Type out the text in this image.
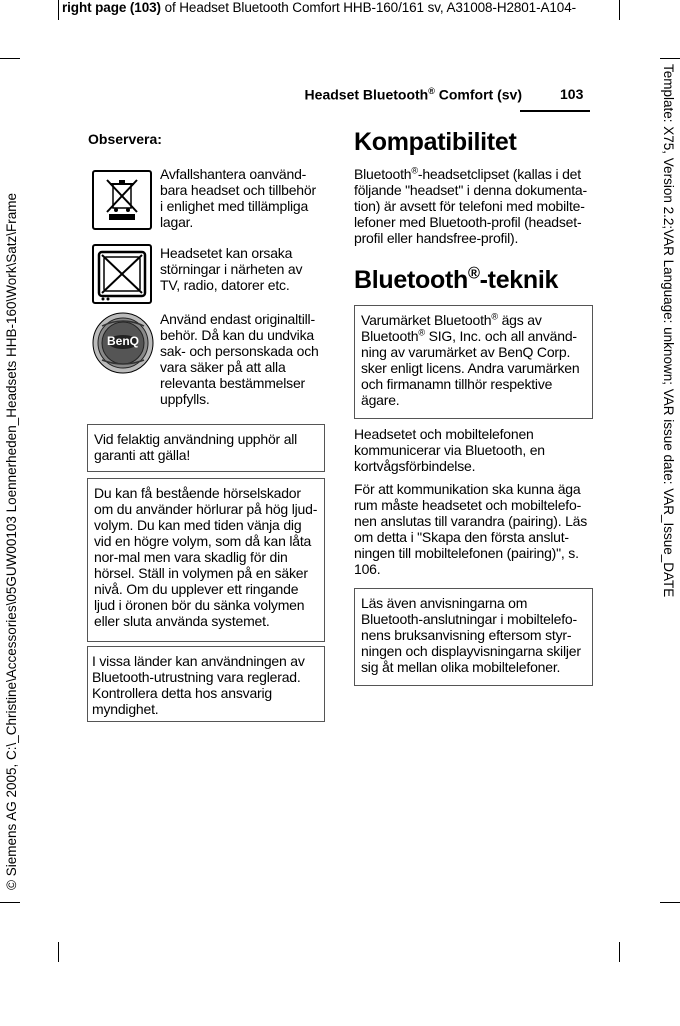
right page (103) of Headset Bluetooth Comfort HHB-160/161 sv, A31008-H2801-A104-
© Siemens AG 2005, C:\_Christine\Accessories\05GUW00103 Loennerheden_Headsets HHB-160\Work\Satz\Frame	Template: X75, Version 2.2;VAR Language: unknown; VAR issue date: VAR_Issue_DATE
Headset Bluetooth® Comfort (sv)	103
Observera:
Avfallshantera oanvänd-bara headset och tillbehör i enlighet med tillämpliga lagar.
Headsetet kan orsaka störningar i närheten av TV, radio, datorer etc.
BenQ
Använd endast originaltill-behör. Då kan du undvika sak- och personskada och vara säker på att alla relevanta bestämmelser uppfylls.
Vid felaktig användning upphör all garanti att gälla!
Du kan få bestående hörselskador om du använder hörlurar på hög ljud-volym. Du kan med tiden vänja dig vid en högre volym, som då kan låta nor-mal men vara skadlig för din hörsel. Ställ in volymen på en säker nivå. Om du upplever ett ringande ljud i öronen bör du sänka volymen eller sluta använda systemet.
I vissa länder kan användningen av Bluetooth-utrustning vara reglerad. Kontrollera detta hos ansvarig myndighet.
Kompatibilitet
Bluetooth®-headsetclipset (kallas i det följande "headset" i denna dokumenta-tion) är avsett för telefoni med mobilte-lefoner med Bluetooth-profil (headset-profil eller handsfree-profil).
Bluetooth®-teknik
Varumärket Bluetooth® ägs av Bluetooth® SIG, Inc. och all använd-ning av varumärket av BenQ Corp. sker enligt licens. Andra varumärken och firmanamn tillhör respektive ägare.
Headsetet och mobiltelefonen kommunicerar via Bluetooth, en kortvågsförbindelse.
För att kommunikation ska kunna äga rum måste headsetet och mobiltelefo-nen anslutas till varandra (pairing). Läs om detta i "Skapa den första anslut-ningen till mobiltelefonen (pairing)", s. 106.
Läs även anvisningarna om Bluetooth-anslutningar i mobiltelefo-nens bruksanvisning eftersom styr-ningen och displayvisningarna skiljer sig åt mellan olika mobiltelefoner.
